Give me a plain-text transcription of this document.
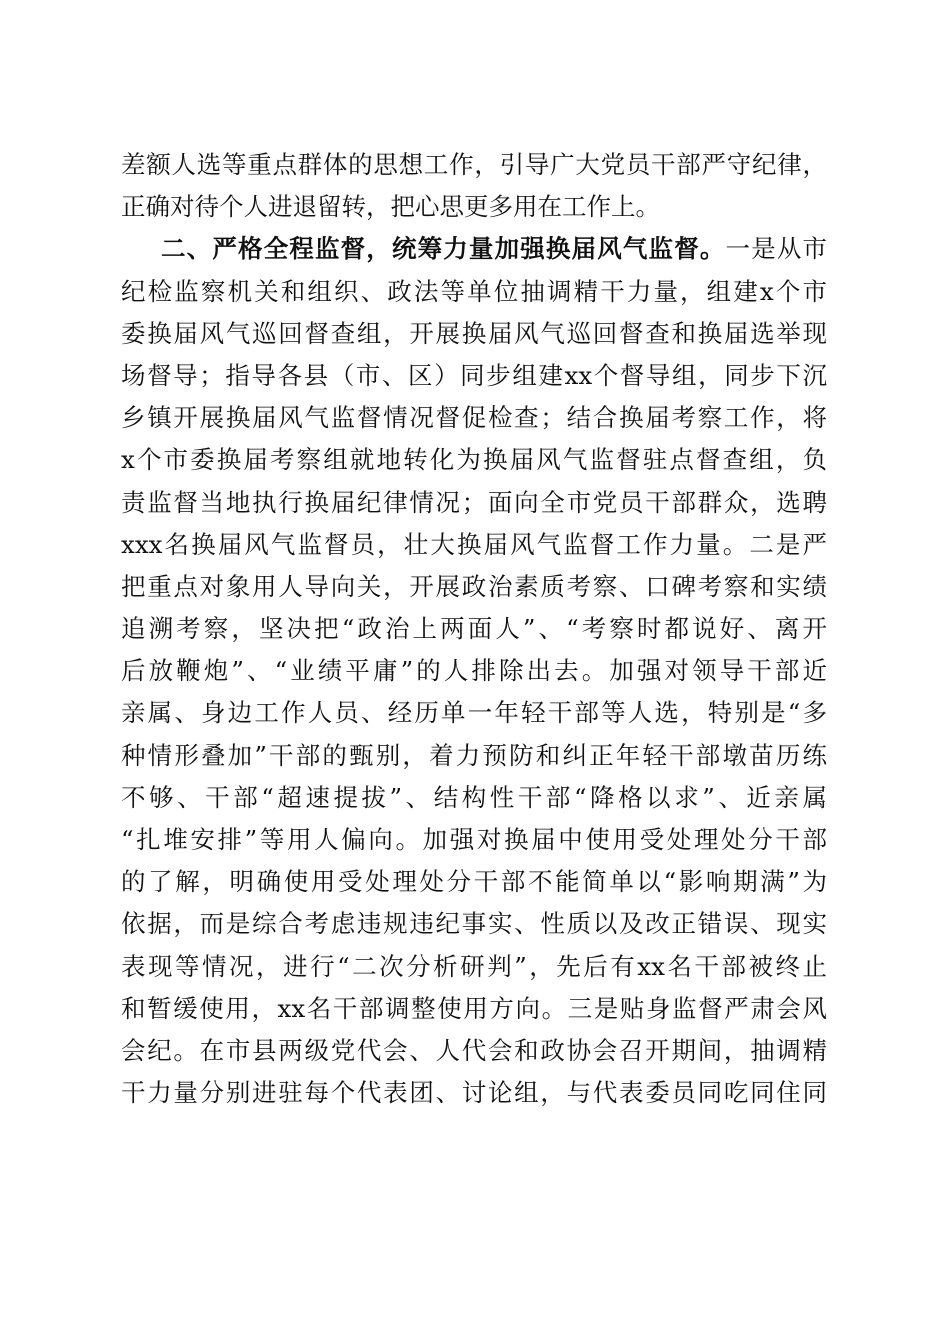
差额人选等重点群体的思想工作，引导广大党员干部严守纪律，
正确对待个人进退留转，把心思更多用在工作上。
二、严格全程监督，统筹力量加强换届风气监督。一是从市
纪检监察机关和组织、政法等单位抽调精干力量，组建x个市
委换届风气巡回督查组，开展换届风气巡回督查和换届选举现
场督导；指导各县（市、区）同步组建xx个督导组，同步下沉
乡镇开展换届风气监督情况督促检查；结合换届考察工作，将
x个市委换届考察组就地转化为换届风气监督驻点督查组，负
责监督当地执行换届纪律情况；面向全市党员干部群众，选聘
xxx名换届风气监督员，壮大换届风气监督工作力量。二是严
把重点对象用人导向关，开展政治素质考察、口碑考察和实绩
追溯考察，坚决把“政治上两面人”、“考察时都说好、离开
后放鞭炮”、“业绩平庸”的人排除出去。加强对领导干部近
亲属、身边工作人员、经历单一年轻干部等人选，特别是“多
种情形叠加”干部的甄别，着力预防和纠正年轻干部墩苗历练
不够、干部“超速提拔”、结构性干部“降格以求”、近亲属
“扎堆安排”等用人偏向。加强对换届中使用受处理处分干部
的了解，明确使用受处理处分干部不能简单以“影响期满”为
依据，而是综合考虑违规违纪事实、性质以及改正错误、现实
表现等情况，进行“二次分析研判”，先后有xx名干部被终止
和暂缓使用，xx名干部调整使用方向。三是贴身监督严肃会风
会纪。在市县两级党代会、人代会和政协会召开期间，抽调精
干力量分别进驻每个代表团、讨论组，与代表委员同吃同住同
